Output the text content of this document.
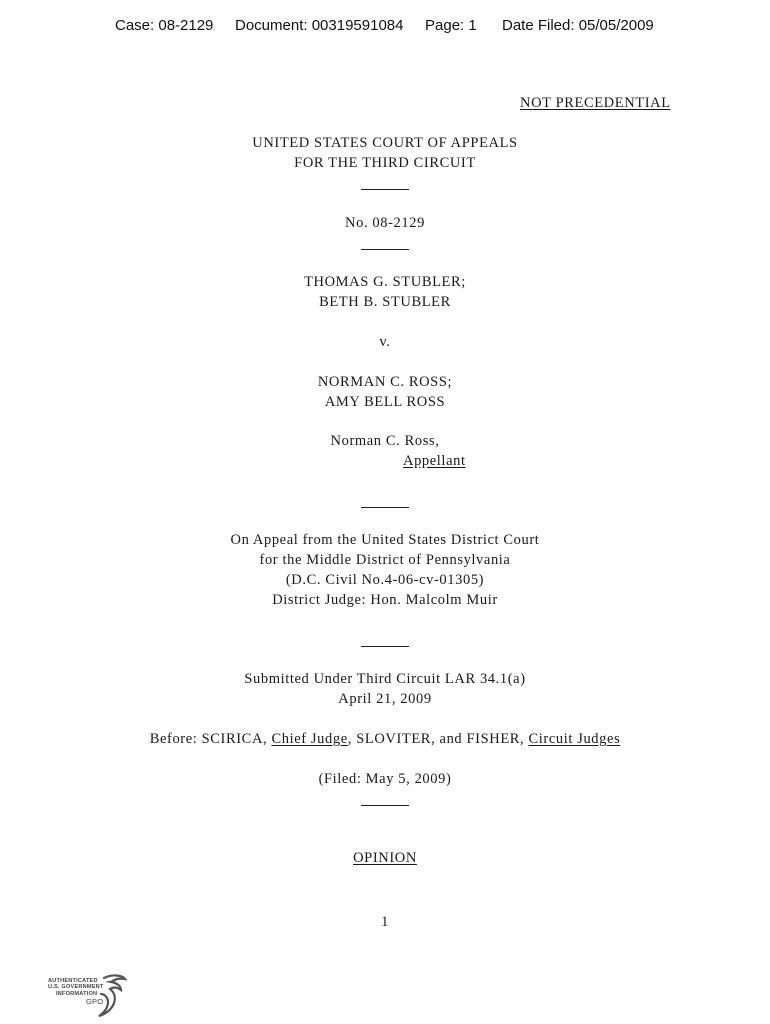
Case: 08-2129 Document: 00319591084 Page: 1 Date Filed: 05/05/2009
NOT PRECEDENTIAL
UNITED STATES COURT OF APPEALS
FOR THE THIRD CIRCUIT
No. 08-2129
THOMAS G. STUBLER;
BETH B. STUBLER
v.
NORMAN C. ROSS;
AMY BELL ROSS
Norman C. Ross,
Appellant
On Appeal from the United States District Court
for the Middle District of Pennsylvania
(D.C. Civil No.4-06-cv-01305)
District Judge: Hon. Malcolm Muir
Submitted Under Third Circuit LAR 34.1(a)
April 21, 2009
Before: SCIRICA, Chief Judge, SLOVITER, and FISHER, Circuit Judges
(Filed: May 5, 2009)
OPINION
1
AUTHENTICATED
U.S. GOVERNMENT
INFORMATION
GPO
